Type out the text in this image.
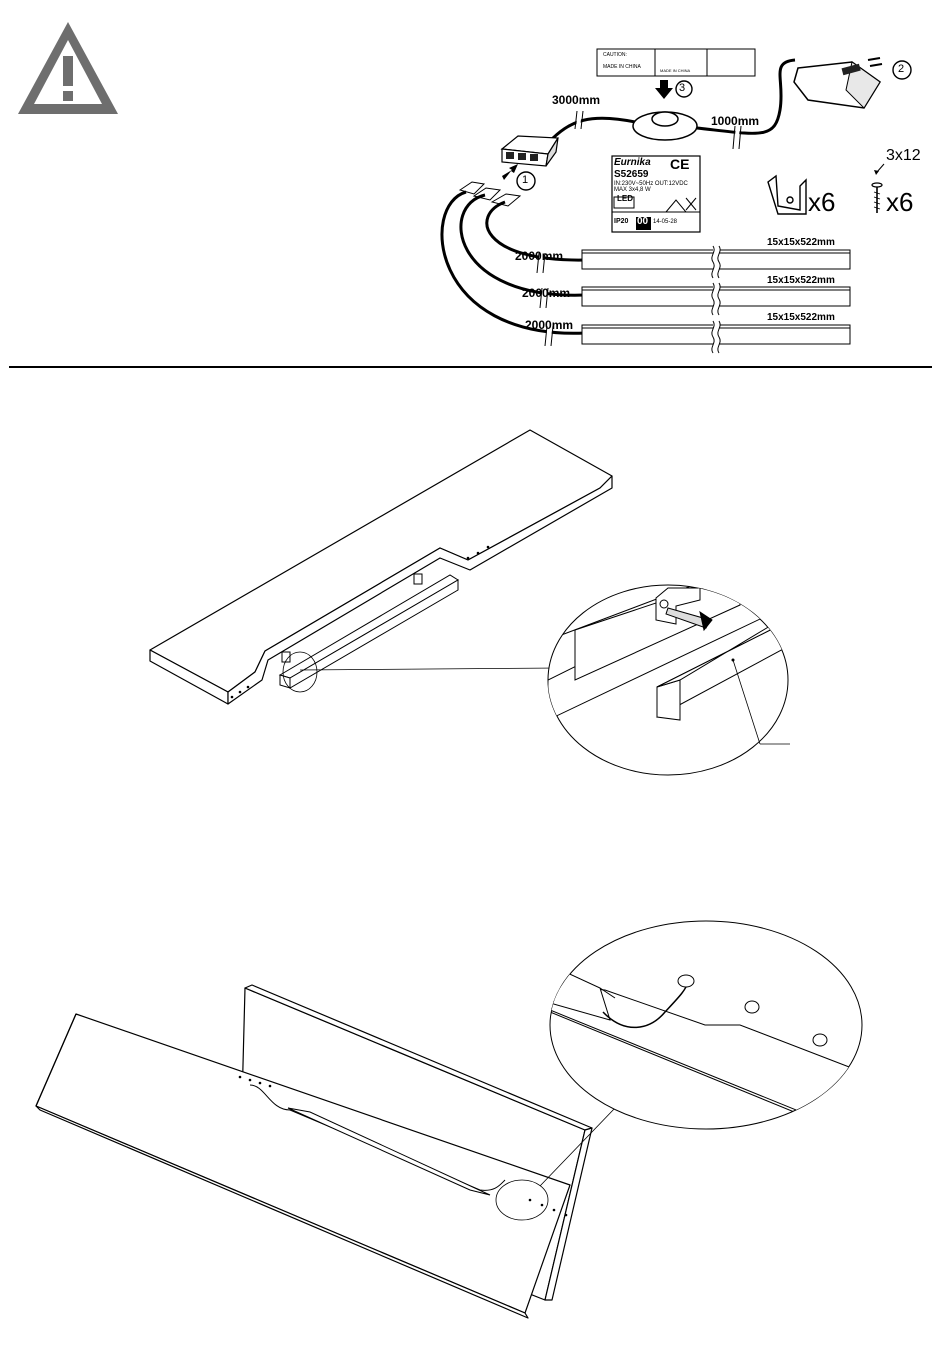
CAUTION:

MADE IN CHINA
MADE IN CHINA
3
2
1
3000mm
1000mm
2000mm
2000mm
2000mm
15x15x522mm
15x15x522mm
15x15x522mm
x6
3x12
x6
Eurnika	CE
S52659
IN:230V~50Hz OUT:12VDC
MAX 3x4,8 W
LED
IP20 00 14-05-28
